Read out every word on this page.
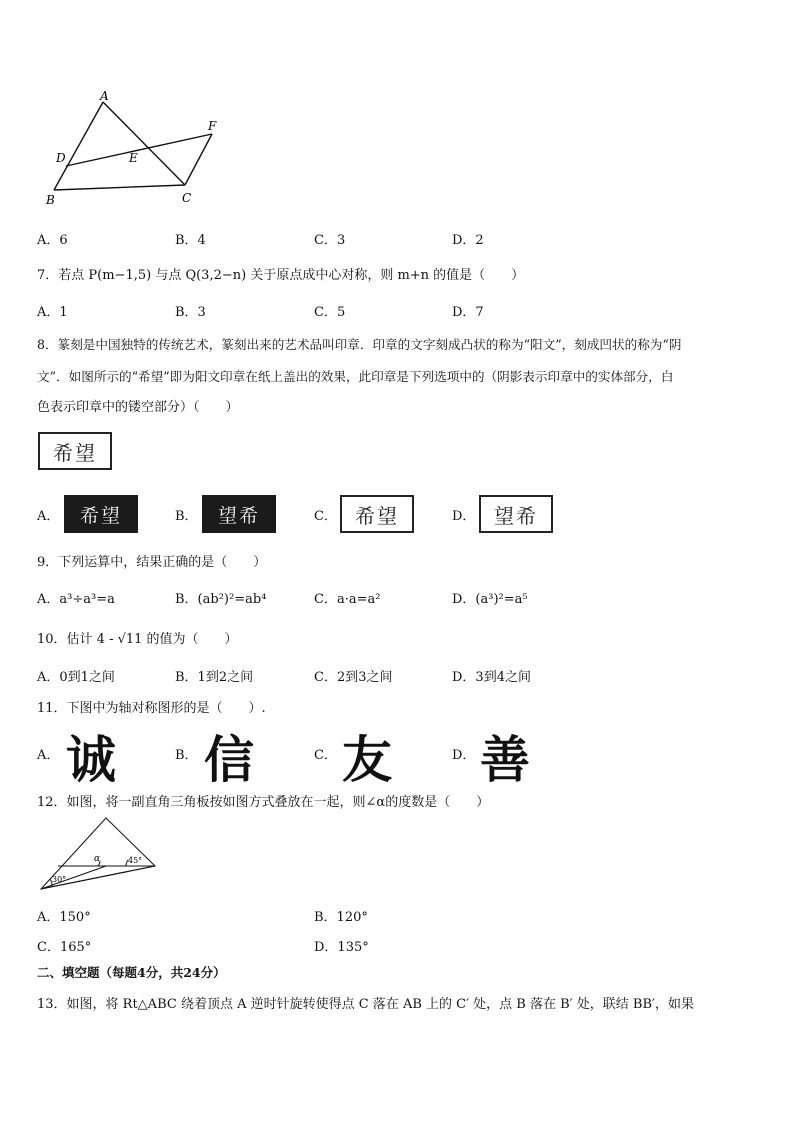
A
F
D	E
B	C
A．6	B．4	C．3	D．2
7．若点 P(m−1,5) 与点 Q(3,2−n) 关于原点成中心对称，则 m+n 的值是（　　）
A．1	B．3	C．5	D．7
8．篆刻是中国独特的传统艺术，篆刻出来的艺术品叫印章．印章的文字刻成凸状的称为“阳文”，刻成凹状的称为“阴
文”．如图所示的“希望”即为阳文印章在纸上盖出的效果，此印章是下列选项中的（阴影表示印章中的实体部分，白
色表示印章中的镂空部分）（　　）
希望
A．	希望	B．	望希	C． 希望	D． 望希
9．下列运算中，结果正确的是（　　）
A．a³÷a³=a	B．(ab²)²=ab⁴	C．a·a=a²	D．(a³)²=a⁵
10．估计 4 - √11 的值为（　　）
A．0到1之间	B．1到2之间	C．2到3之间	D．3到4之间
11．下图中为轴对称图形的是（　　）.
A． 诚	B． 信	C． 友	D． 善
12．如图，将一副直角三角板按如图方式叠放在一起，则∠α的度数是（　　）
α	45°
30°
A．150°	B．120°
C．165°	D．135°
二、填空题（每题4分，共24分）
13．如图，将 Rt△ABC 绕着顶点 A 逆时针旋转使得点 C 落在 AB 上的 C′ 处，点 B 落在 B′ 处，联结 BB′，如果
